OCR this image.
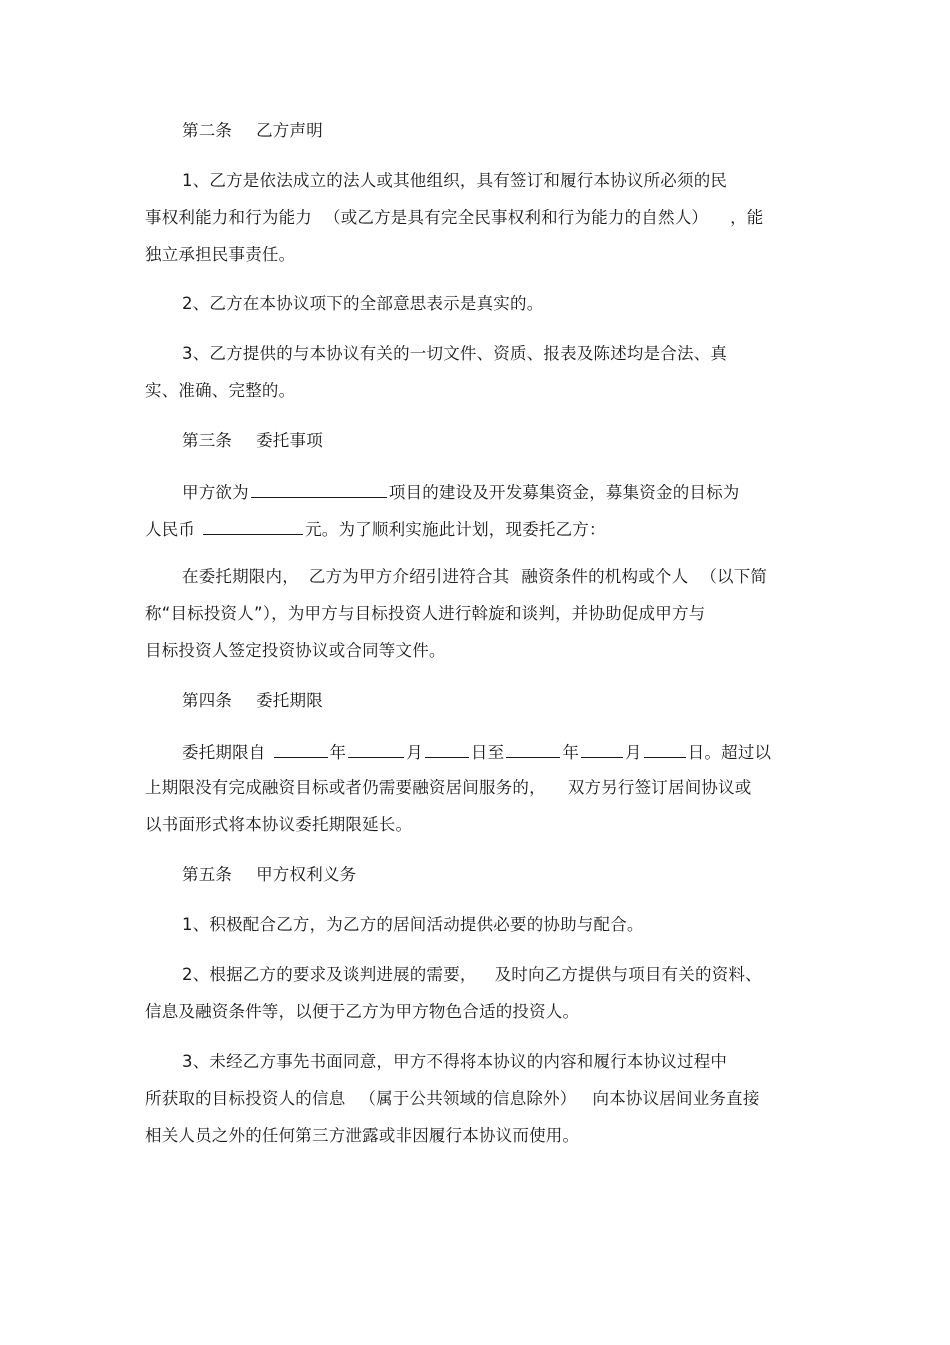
第二条 乙方声明
1、乙方是依法成立的法人或其他组织，具有签订和履行本协议所必须的民
事权利能力和行为能力 （或乙方是具有完全民事权利和行为能力的自然人） ，能
独立承担民事责任。
2、乙方在本协议项下的全部意思表示是真实的。
3、乙方提供的与本协议有关的一切文件、资质、报表及陈述均是合法、真
实、准确、完整的。
第三条 委托事项
甲方欲为	项目的建设及开发募集资金，募集资金的目标为
人民币	元。为了顺利实施此计划，现委托乙方：
在委托期限内， 乙方为甲方介绍引进符合其 融资条件的机构或个人 （以下简
称“目标投资人”），为甲方与目标投资人进行斡旋和谈判，并协助促成甲方与
目标投资人签定投资协议或合同等文件。
第四条 委托期限
委托期限自	年	月	日至	年	月	日。超过以
上期限没有完成融资目标或者仍需要融资居间服务的， 双方另行签订居间协议或
以书面形式将本协议委托期限延长。
第五条 甲方权利义务
1、积极配合乙方，为乙方的居间活动提供必要的协助与配合。
2、根据乙方的要求及谈判进展的需要， 及时向乙方提供与项目有关的资料、
信息及融资条件等，以便于乙方为甲方物色合适的投资人。
3、未经乙方事先书面同意，甲方不得将本协议的内容和履行本协议过程中
所获取的目标投资人的信息 （属于公共领域的信息除外） 向本协议居间业务直接
相关人员之外的任何第三方泄露或非因履行本协议而使用。
